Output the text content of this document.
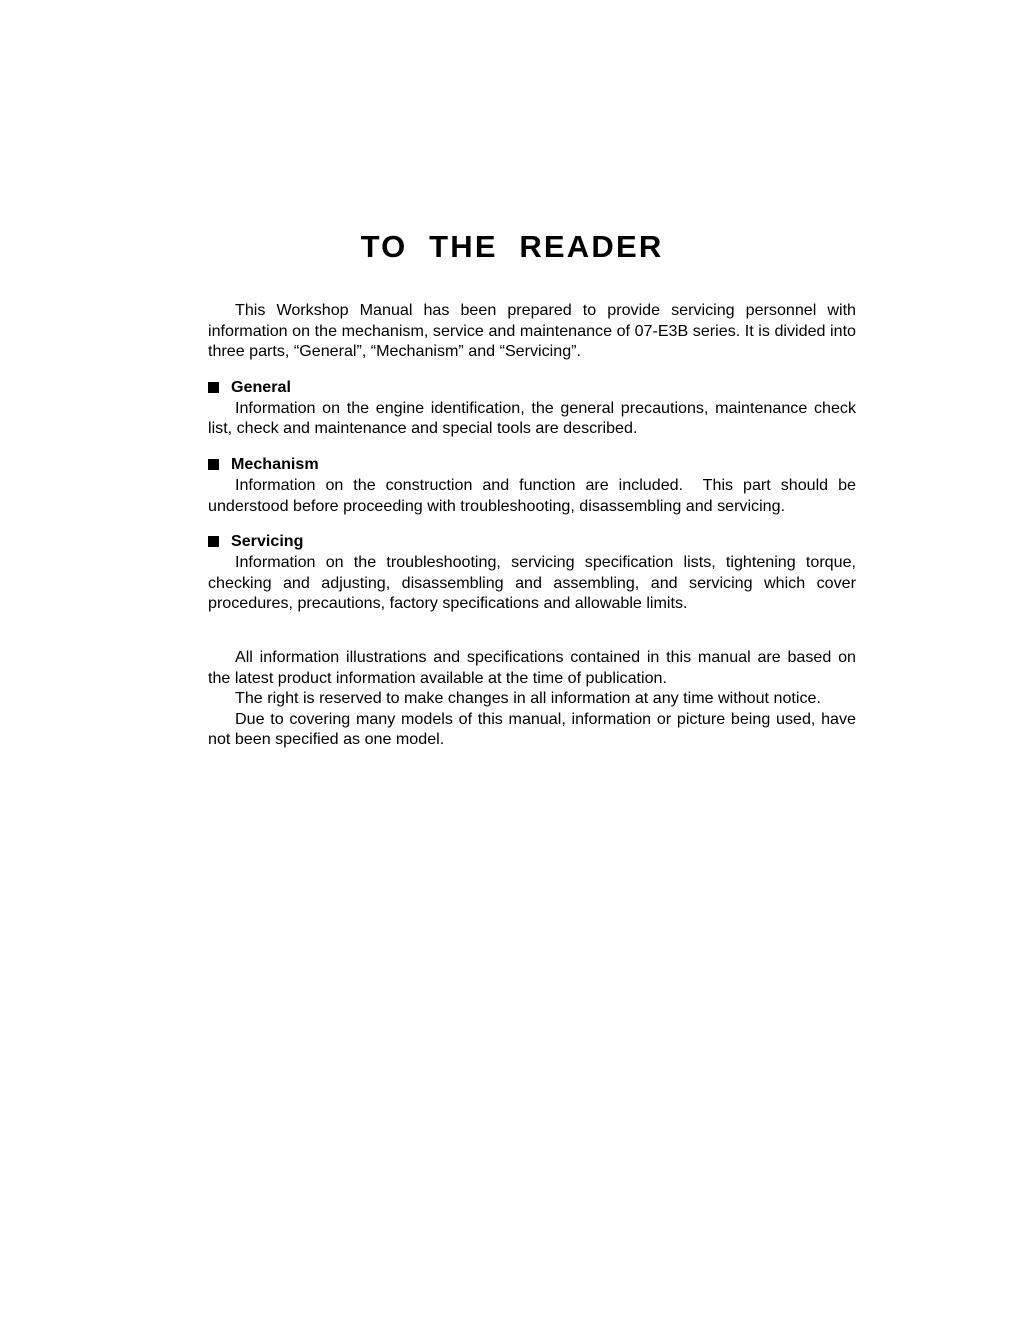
TO  THE  READER

This Workshop Manual has been prepared to provide servicing personnel with information on the mechanism, service and maintenance of 07-E3B series. It is divided into three parts, “General”, “Mechanism” and “Servicing”.

General

Information on the engine identification, the general precautions, maintenance check list, check and maintenance and special tools are described.

Mechanism

Information on the construction and function are included.  This part should be understood before proceeding with troubleshooting, disassembling and servicing.

Servicing

Information on the troubleshooting, servicing specification lists, tightening torque, checking and adjusting, disassembling and assembling, and servicing which cover procedures, precautions, factory specifications and allowable limits.

All information illustrations and specifications contained in this manual are based on the latest product information available at the time of publication.

The right is reserved to make changes in all information at any time without notice.

Due to covering many models of this manual, information or picture being used, have not been specified as one model.
